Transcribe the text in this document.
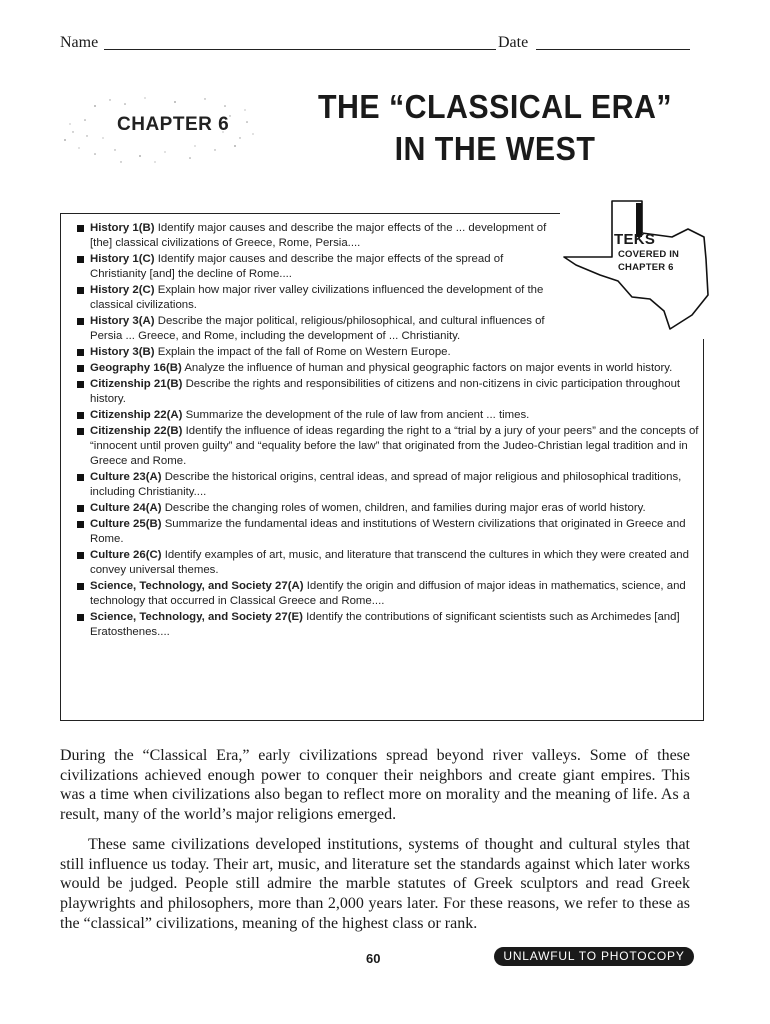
Name	Date
CHAPTER 6	THE “CLASSICAL ERA”
IN THE WEST
History 1(B) Identify major causes and describe the major effects of the ... development of [the] classical civilizations of Greece, Rome, Persia....
History 1(C) Identify major causes and describe the major effects of the spread of Christianity [and] the decline of Rome....
History 2(C) Explain how major river valley civilizations influenced the development of the classical civilizations.
History 3(A) Describe the major political, religious/philosophical, and cultural influences of Persia ... Greece, and Rome, including the development of ... Christianity.
History 3(B) Explain the impact of the fall of Rome on Western Europe.
Geography 16(B) Analyze the influence of human and physical geographic factors on major events in world history.
Citizenship 21(B) Describe the rights and responsibilities of citizens and non-citizens in civic participation throughout history.
Citizenship 22(A) Summarize the development of the rule of law from ancient ... times.
Citizenship 22(B) Identify the influence of ideas regarding the right to a “trial by a jury of your peers” and the concepts of “innocent until proven guilty” and “equality before the law” that originated from the Judeo-Christian legal tradition and in Greece and Rome.
Culture 23(A) Describe the historical origins, central ideas, and spread of major religious and philosophical traditions, including Christianity....
Culture 24(A) Describe the changing roles of women, children, and families during major eras of world history.
Culture 25(B) Summarize the fundamental ideas and institutions of Western civilizations that originated in Greece and Rome.
Culture 26(C) Identify examples of art, music, and literature that transcend the cultures in which they were created and convey universal themes.
Science, Technology, and Society 27(A) Identify the origin and diffusion of major ideas in mathematics, science, and technology that occurred in Classical Greece and Rome....
Science, Technology, and Society 27(E) Identify the contributions of significant scientists such as Archimedes [and] Eratosthenes....
TEKS
COVERED IN
CHAPTER 6

During the “Classical Era,” early civilizations spread beyond river valleys. Some of these civilizations achieved enough power to conquer their neighbors and create giant empires. This was a time when civilizations also began to reflect more on morality and the meaning of life. As a result, many of the world’s major religions emerged.

These same civilizations developed institutions, systems of thought and cultural styles that still influence us today. Their art, music, and literature set the standards against which later works would be judged. People still admire the marble statutes of Greek sculptors and read Greek playwrights and philosophers, more than 2,000 years later. For these reasons, we refer to these as the “classical” civilizations, meaning of the highest class or rank.

60	UNLAWFUL TO PHOTOCOPY
